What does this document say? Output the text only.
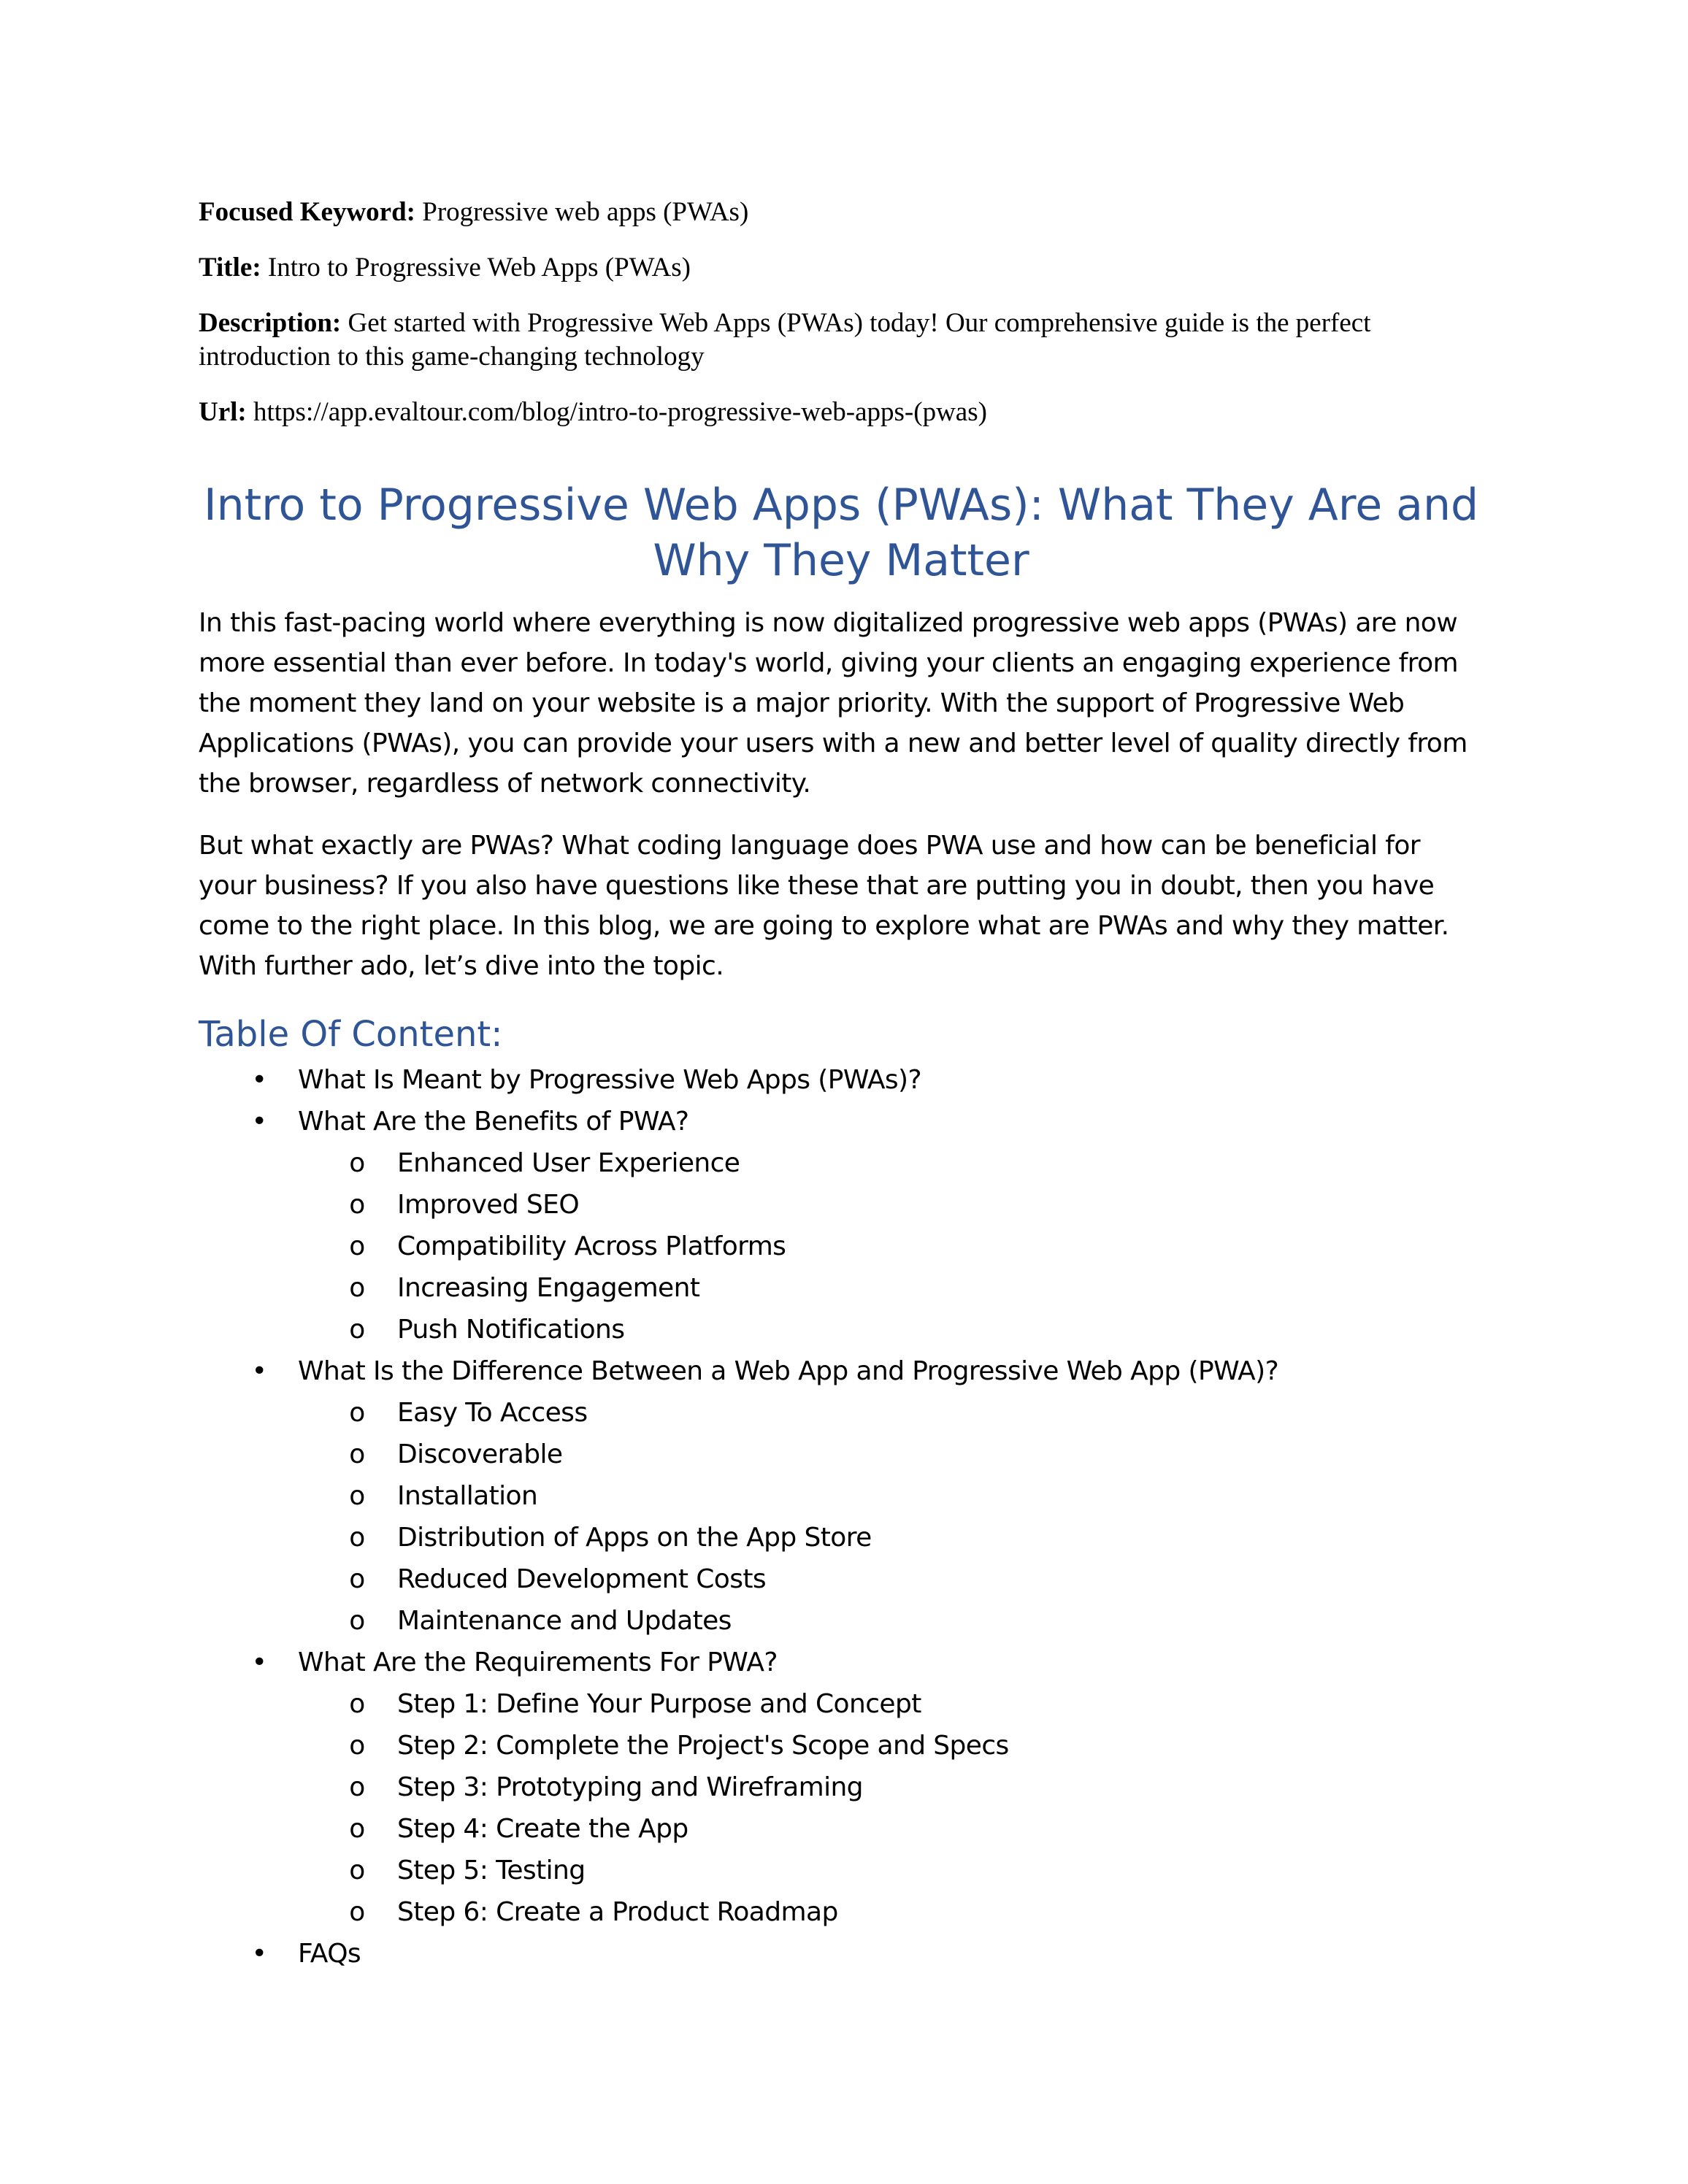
Focused Keyword: Progressive web apps (PWAs)

Title: Intro to Progressive Web Apps (PWAs)

Description: Get started with Progressive Web Apps (PWAs) today! Our comprehensive guide is the perfect introduction to this game-changing technology

Url: https://app.evaltour.com/blog/intro-to-progressive-web-apps-(pwas)

Intro to Progressive Web Apps (PWAs): What They Are and Why They Matter

In this fast-pacing world where everything is now digitalized progressive web apps (PWAs) are now more essential than ever before. In today's world, giving your clients an engaging experience from the moment they land on your website is a major priority. With the support of Progressive Web Applications (PWAs), you can provide your users with a new and better level of quality directly from the browser, regardless of network connectivity.

But what exactly are PWAs? What coding language does PWA use and how can be beneficial for your business? If you also have questions like these that are putting you in doubt, then you have come to the right place. In this blog, we are going to explore what are PWAs and why they matter. With further ado, let’s dive into the topic.

Table Of Content:
• What Is Meant by Progressive Web Apps (PWAs)?
• What Are the Benefits of PWA?
o Enhanced User Experience
o Improved SEO
o Compatibility Across Platforms
o Increasing Engagement
o Push Notifications
• What Is the Difference Between a Web App and Progressive Web App (PWA)?
o Easy To Access
o Discoverable
o Installation
o Distribution of Apps on the App Store
o Reduced Development Costs
o Maintenance and Updates
• What Are the Requirements For PWA?
o Step 1: Define Your Purpose and Concept
o Step 2: Complete the Project's Scope and Specs
o Step 3: Prototyping and Wireframing
o Step 4: Create the App
o Step 5: Testing
o Step 6: Create a Product Roadmap
• FAQs
